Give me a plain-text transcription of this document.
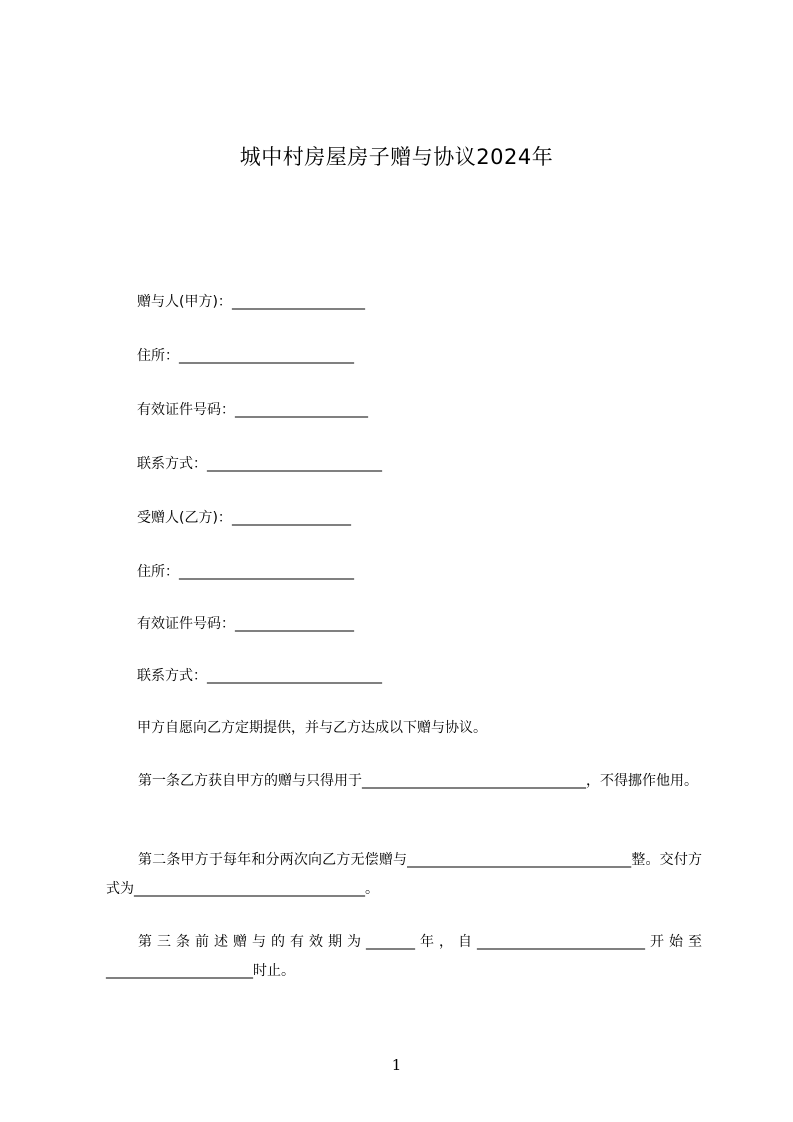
城中村房屋房子赠与协议2024年
赠与人(甲方)：___________________
住所：_________________________
有效证件号码：___________________
联系方式：_________________________
受赠人(乙方)：_________________
住所：_________________________
有效证件号码：_________________
联系方式：_________________________
甲方自愿向乙方定期提供，并与乙方达成以下赠与协议。
第一条乙方获自甲方的赠与只得用于________________________________，不得挪作他用。
第二条甲方于每年和分两次向乙方无偿赠与________________________________整。交付方式为_________________________________。
第三条前述赠与的有效期为_______年，自________________________开始至_____________________时止。
1
